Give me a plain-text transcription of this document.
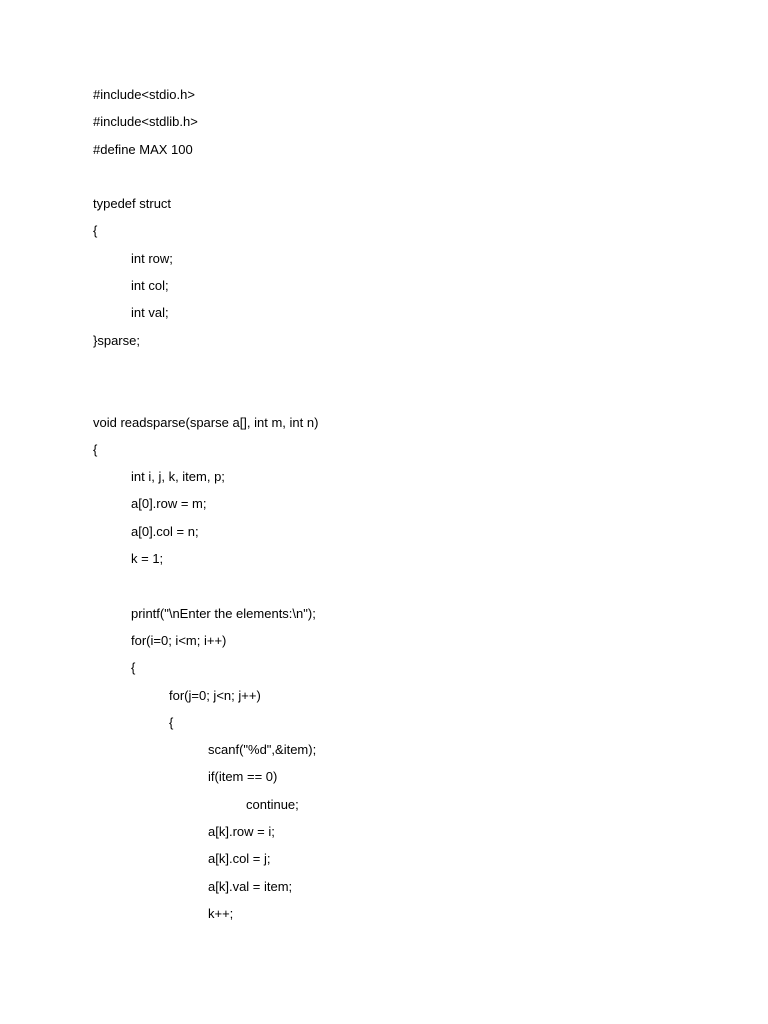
#include<stdio.h>
#include<stdlib.h>
#define MAX 100
typedef struct
{
int row;
int col;
int val;
}sparse;
void readsparse(sparse a[], int m, int n)
{
int i, j, k, item, p;
a[0].row = m;
a[0].col = n;
k = 1;
printf("\nEnter the elements:\n");
for(i=0; i<m; i++)
{
for(j=0; j<n; j++)
{
scanf("%d",&item);
if(item == 0)
continue;
a[k].row = i;
a[k].col = j;
a[k].val = item;
k++;
